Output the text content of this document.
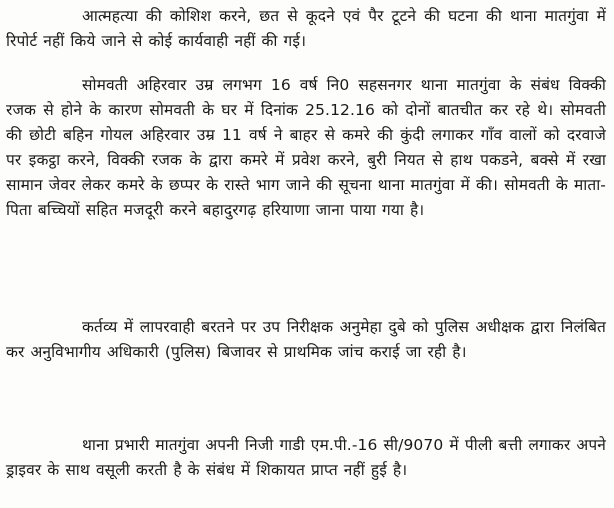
आत्महत्या की कोशिश करने, छत से कूदने एवं पैर टूटने की घटना की थाना मातगुंवा में रिपोर्ट नहीं किये जाने से कोई कार्यवाही नहीं की गई।

सोमवती अहिरवार उम्र लगभग 16 वर्ष नि0 सहसनगर थाना मातगुंवा के संबंध विक्की रजक से होने के कारण सोमवती के घर में दिनांक 25.12.16 को दोनों बातचीत कर रहे थे। सोमवती की छोटी बहिन गोयल अहिरवार उम्र 11 वर्ष ने बाहर से कमरे की कुंदी लगाकर गाँव वालों को दरवाजे पर इकट्ठा करने, विक्की रजक के द्वारा कमरे में प्रवेश करने, बुरी नियत से हाथ पकडने, बक्से में रखा सामान जेवर लेकर कमरे के छप्पर के रास्ते भाग जाने की सूचना थाना मातगुंवा में की। सोमवती के माता-पिता बच्चियों सहित मजदूरी करने बहादुरगढ़ हरियाणा जाना पाया गया है।

कर्तव्य में लापरवाही बरतने पर उप निरीक्षक अनुमेहा दुबे को पुलिस अधीक्षक द्वारा निलंबित कर अनुविभागीय अधिकारी (पुलिस) बिजावर से प्राथमिक जांच कराई जा रही है।

थाना प्रभारी मातगुंवा अपनी निजी गाडी एम.पी.-16 सी/9070 में पीली बत्ती लगाकर अपने ड्राइवर के साथ वसूली करती है के संबंध में शिकायत प्राप्त नहीं हुई है।
